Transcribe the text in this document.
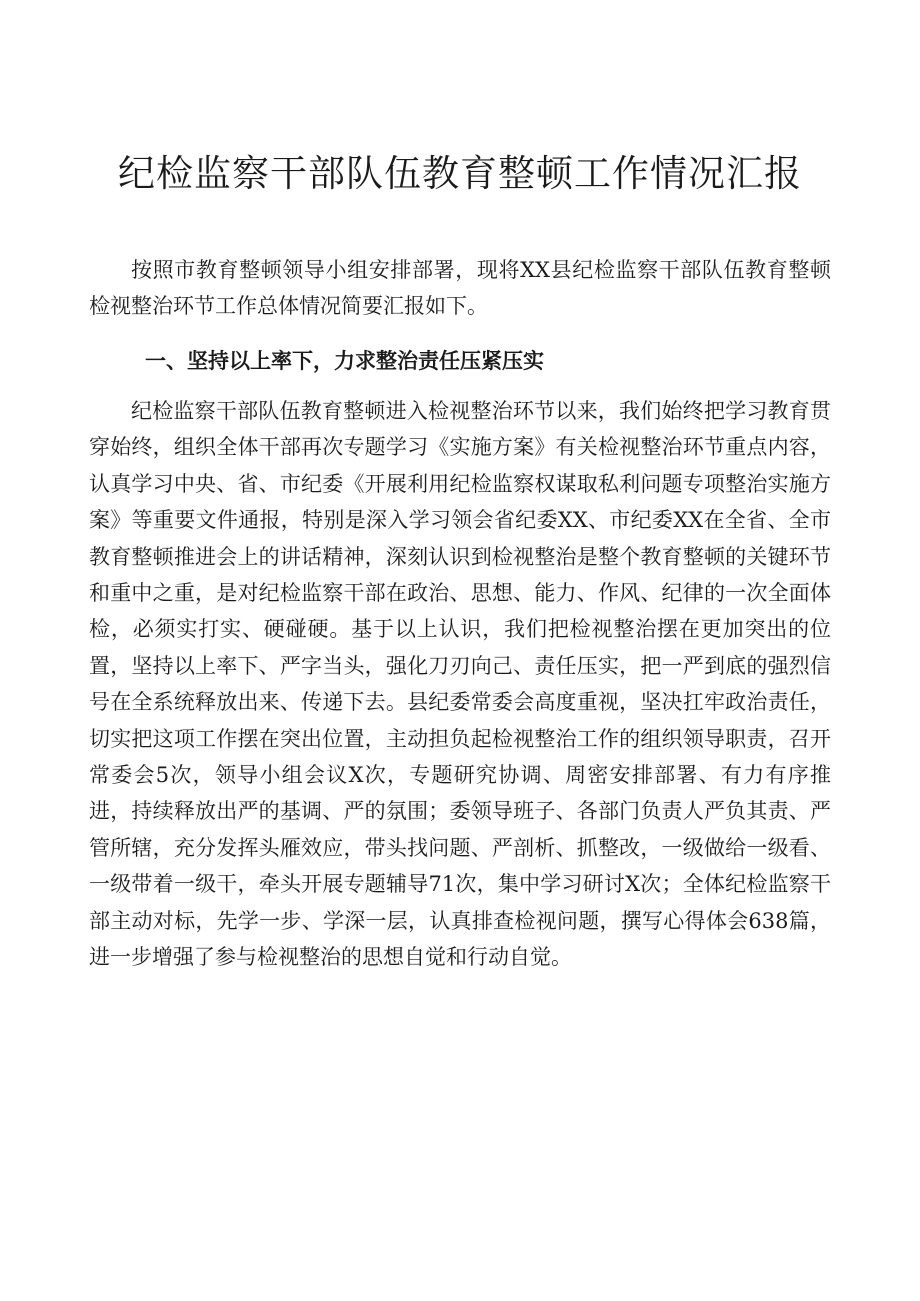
纪检监察干部队伍教育整顿工作情况汇报

按照市教育整顿领导小组安排部署，现将XX县纪检监察干部队伍教育整顿检视整治环节工作总体情况简要汇报如下。

一、坚持以上率下，力求整治责任压紧压实

纪检监察干部队伍教育整顿进入检视整治环节以来，我们始终把学习教育贯穿始终，组织全体干部再次专题学习《实施方案》有关检视整治环节重点内容，认真学习中央、省、市纪委《开展利用纪检监察权谋取私利问题专项整治实施方案》等重要文件通报，特别是深入学习领会省纪委XX、市纪委XX在全省、全市教育整顿推进会上的讲话精神，深刻认识到检视整治是整个教育整顿的关键环节和重中之重，是对纪检监察干部在政治、思想、能力、作风、纪律的一次全面体检，必须实打实、硬碰硬。基于以上认识，我们把检视整治摆在更加突出的位置，坚持以上率下、严字当头，强化刀刃向己、责任压实，把一严到底的强烈信号在全系统释放出来、传递下去。县纪委常委会高度重视，坚决扛牢政治责任，切实把这项工作摆在突出位置，主动担负起检视整治工作的组织领导职责，召开常委会5次，领导小组会议X次，专题研究协调、周密安排部署、有力有序推进，持续释放出严的基调、严的氛围；委领导班子、各部门负责人严负其责、严管所辖，充分发挥头雁效应，带头找问题、严剖析、抓整改，一级做给一级看、一级带着一级干，牵头开展专题辅导71次，集中学习研讨X次；全体纪检监察干部主动对标，先学一步、学深一层，认真排查检视问题，撰写心得体会638篇，进一步增强了参与检视整治的思想自觉和行动自觉。
